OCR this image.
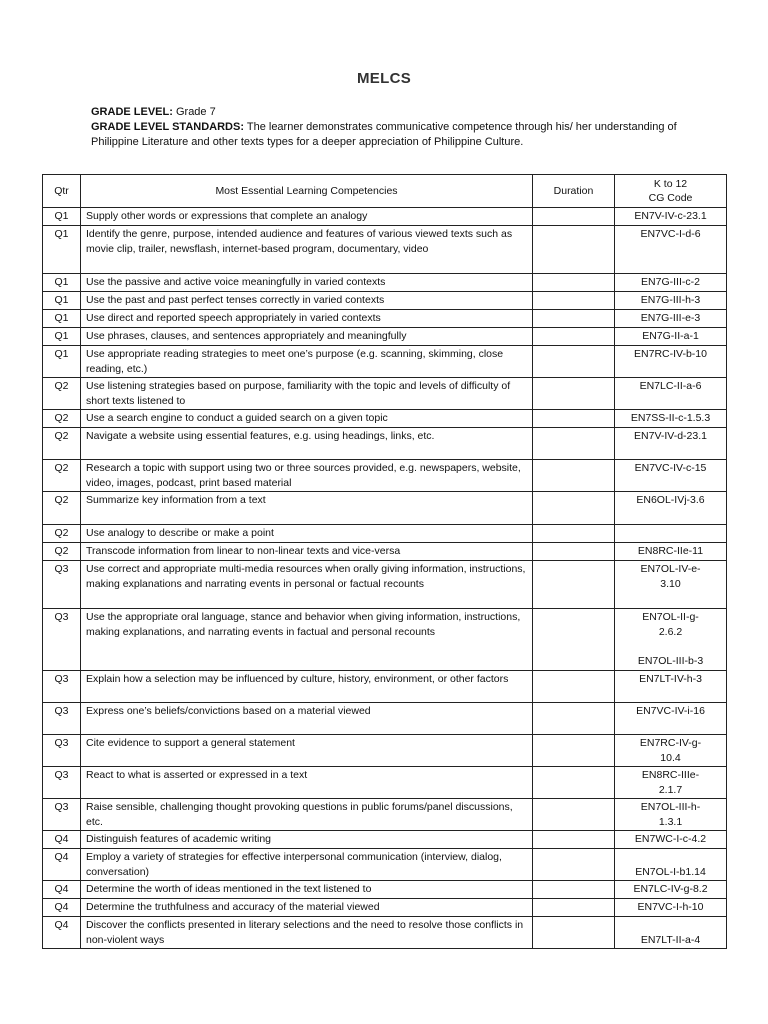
MELCS
GRADE LEVEL: Grade 7
GRADE LEVEL STANDARDS: The learner demonstrates communicative competence through his/ her understanding of Philippine Literature and other texts types for a deeper appreciation of Philippine Culture.
Qtr	Most Essential Learning Competencies	Duration	K to 12
CG Code
Q1	Supply other words or expressions that complete an analogy		EN7V-IV-c-23.1

Q1	Identify the genre, purpose, intended audience and features of various viewed texts such as movie clip, trailer, newsflash, internet-based program, documentary, video		EN7VC-I-d-6

Q1	Use the passive and active voice meaningfully in varied contexts		EN7G-III-c-2

Q1	Use the past and past perfect tenses correctly in varied contexts		EN7G-III-h-3

Q1	Use direct and reported speech appropriately in varied contexts		EN7G-III-e-3

Q1	Use phrases, clauses, and sentences appropriately and meaningfully		EN7G-II-a-1

Q1	Use appropriate reading strategies to meet one’s purpose (e.g. scanning, skimming, close reading, etc.)		EN7RC-IV-b-10

Q2	Use listening strategies based on purpose, familiarity with the topic and levels of difficulty of short texts listened to		EN7LC-II-a-6

Q2	Use a search engine to conduct a guided search on a given topic		EN7SS-II-c-1.5.3

Q2	Navigate a website using essential features, e.g. using headings, links, etc.		EN7V-IV-d-23.1

Q2	Research a topic with support using two or three sources provided, e.g. newspapers, website, video, images, podcast, print based material		EN7VC-IV-c-15

Q2	Summarize key information from a text		EN6OL-IVj-3.6

Q2	Use analogy to describe or make a point		

Q2	Transcode information from linear to non-linear texts and vice-versa		EN8RC-IIe-11

Q3	Use correct and appropriate multi-media resources when orally giving information, instructions, making explanations and narrating events in personal or factual recounts		EN7OL-IV-e-
3.10

Q3	Use the appropriate oral language, stance and behavior when giving information, instructions, making explanations, and narrating events in factual and personal recounts		EN7OL-II-g-
2.6.2

EN7OL-III-b-3

Q3	Explain how a selection may be influenced by culture, history, environment, or other factors		EN7LT-IV-h-3

Q3	Express one’s beliefs/convictions based on a material viewed		EN7VC-IV-i-16

Q3	Cite evidence to support a general statement		EN7RC-IV-g-
10.4

Q3	React to what is asserted or expressed in a text		EN8RC-IIIe-
2.1.7

Q3	Raise sensible, challenging thought provoking questions in public forums/panel discussions, etc.		EN7OL-III-h-
1.3.1

Q4	Distinguish features of academic writing		EN7WC-I-c-4.2

Q4	Employ a variety of strategies for effective interpersonal communication (interview, dialog, conversation)		EN7OL-I-b1.14

Q4	Determine the worth of ideas mentioned in the text listened to		EN7LC-IV-g-8.2

Q4	Determine the truthfulness and accuracy of the material viewed		EN7VC-I-h-10

Q4	Discover the conflicts presented in literary selections and the need to resolve those conflicts in non-violent ways		EN7LT-II-a-4
